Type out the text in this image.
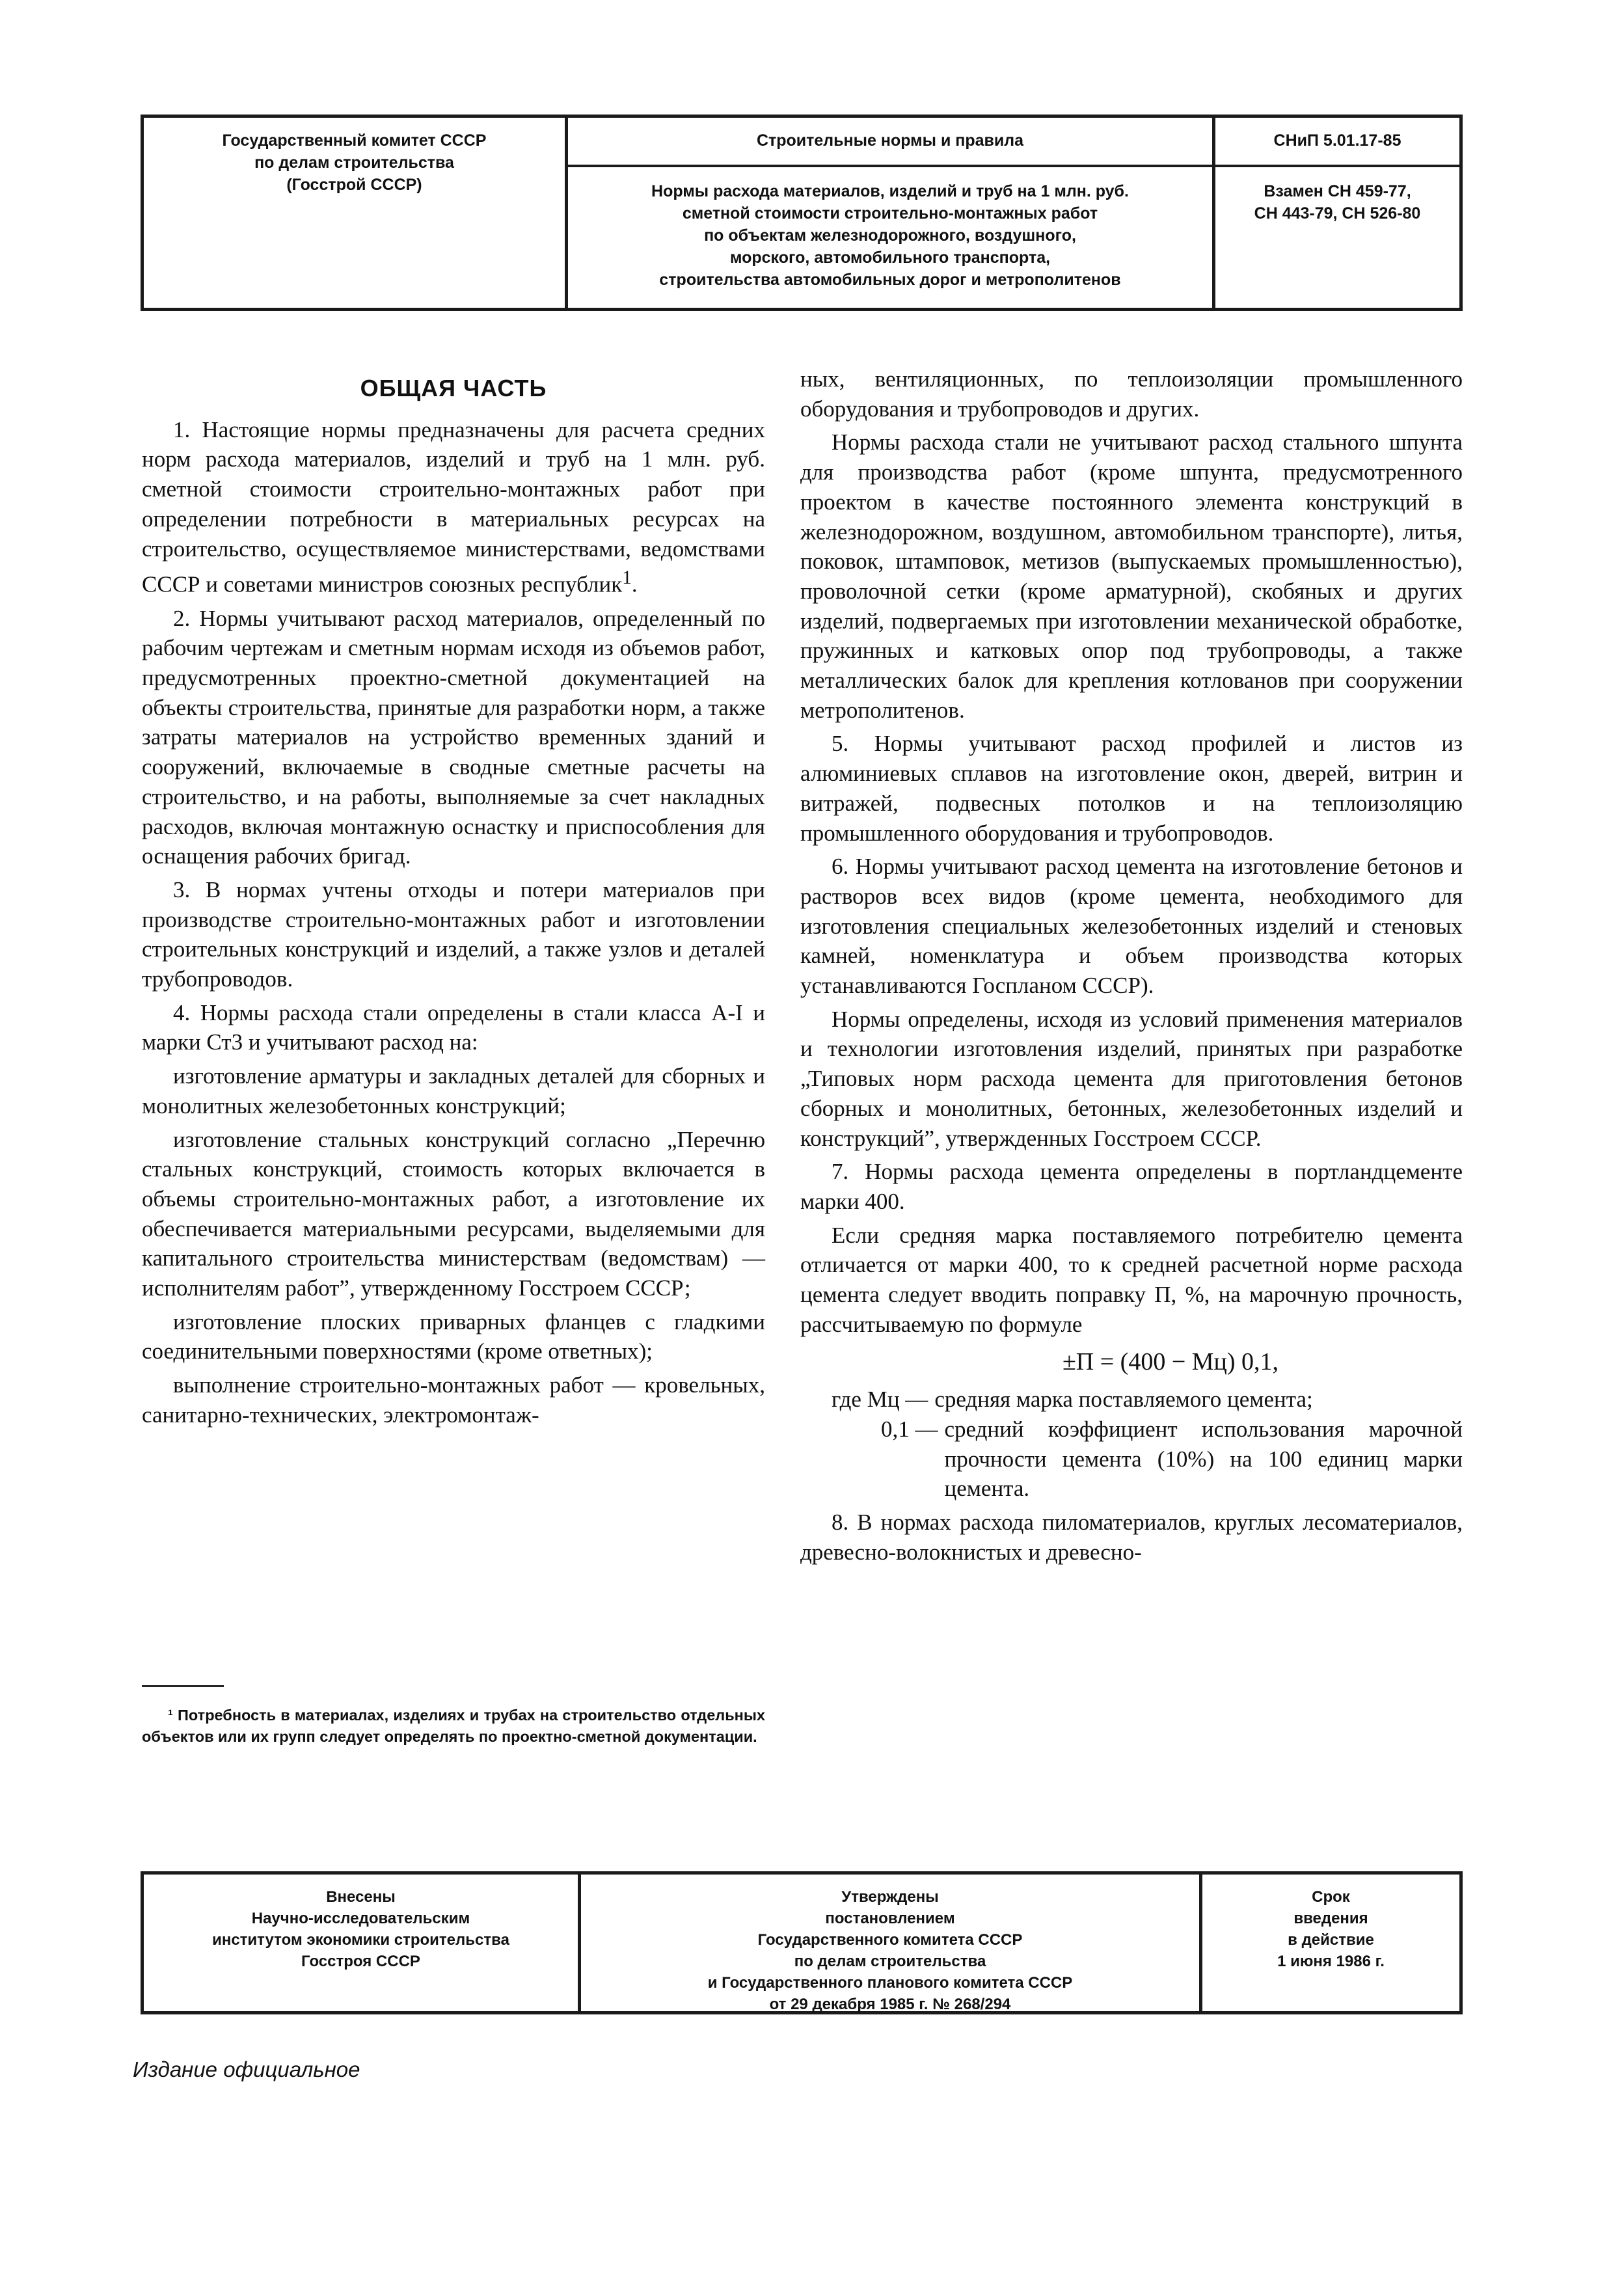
Государственный комитет СССР
по делам строительства
(Госстрой СССР)
Строительные нормы и правила
Нормы расхода материалов, изделий и труб на 1 млн. руб.
сметной стоимости строительно-монтажных работ
по объектам железнодорожного, воздушного,
морского, автомобильного транспорта,
строительства автомобильных дорог и метрополитенов
СНиП 5.01.17-85
Взамен СН 459-77,
СН 443-79, СН 526-80
ОБЩАЯ ЧАСТЬ

1. Настоящие нормы предназначены для расчета средних норм расхода материалов, изделий и труб на 1 млн. руб. сметной стоимости строительно-монтажных работ при определении потребности в материальных ресурсах на строительство, осуществляемое министерствами, ведомствами СССР и советами министров союзных республик$^1$.

2. Нормы учитывают расход материалов, определенный по рабочим чертежам и сметным нормам исходя из объемов работ, предусмотренных проектно-сметной документацией на объекты строительства, принятые для разработки норм, а также затраты материалов на устройство временных зданий и сооружений, включаемые в сводные сметные расчеты на строительство, и на работы, выполняемые за счет накладных расходов, включая монтажную оснастку и приспособления для оснащения рабочих бригад.

3. В нормах учтены отходы и потери материалов при производстве строительно-монтажных работ и изготовлении строительных конструкций и изделий, а также узлов и деталей трубопроводов.

4. Нормы расхода стали определены в стали класса A-I и марки Ст3 и учитывают расход на:

изготовление арматуры и закладных деталей для сборных и монолитных железобетонных конструкций;

изготовление стальных конструкций согласно „Перечню стальных конструкций, стоимость которых включается в объемы строительно-монтажных работ, а изготовление их обеспечивается материальными ресурсами, выделяемыми для капитального строительства министерствам (ведомствам) — исполнителям работ”, утвержденному Госстроем СССР;

изготовление плоских приварных фланцев с гладкими соединительными поверхностями (кроме ответных);

выполнение строительно-монтажных работ — кровельных, санитарно-технических, электромонтаж-

ных, вентиляционных, по теплоизоляции промышленного оборудования и трубопроводов и других.

Нормы расхода стали не учитывают расход стального шпунта для производства работ (кроме шпунта, предусмотренного проектом в качестве постоянного элемента конструкций в железнодорожном, воздушном, автомобильном транспорте), литья, поковок, штамповок, метизов (выпускаемых промышленностью), проволочной сетки (кроме арматурной), скобяных и других изделий, подвергаемых при изготовлении механической обработке, пружинных и катковых опор под трубопроводы, а также металлических балок для крепления котлованов при сооружении метрополитенов.

5. Нормы учитывают расход профилей и листов из алюминиевых сплавов на изготовление окон, дверей, витрин и витражей, подвесных потолков и на теплоизоляцию промышленного оборудования и трубопроводов.

6. Нормы учитывают расход цемента на изготовление бетонов и растворов всех видов (кроме цемента, необходимого для изготовления специальных железобетонных изделий и стеновых камней, номенклатура и объем производства которых устанавливаются Госпланом СССР).

Нормы определены, исходя из условий применения материалов и технологии изготовления изделий, принятых при разработке „Типовых норм расхода цемента для приготовления бетонов сборных и монолитных, бетонных, железобетонных изделий и конструкций”, утвержденных Госстроем СССР.

7. Нормы расхода цемента определены в портландцементе марки 400.

Если средняя марка поставляемого потребителю цемента отличается от марки 400, то к средней расчетной норме расхода цемента следует вводить поправку П, %, на марочную прочность, рассчитываемую по формуле

±П = (400 − Мц) 0,1,
где Мц — средняя марка поставляемого цемента;
0,1 — средний коэффициент использования марочной прочности цемента (10%) на 100 единиц марки цемента.

8. В нормах расхода пиломатериалов, круглых лесоматериалов, древесно-волокнистых и древесно-

¹ Потребность в материалах, изделиях и трубах на строительство отдельных объектов или их групп следует определять по проектно-сметной документации.
Внесены
Научно-исследовательским
институтом экономики строительства
Госстроя СССР
Утверждены
постановлением
Государственного комитета СССР
по делам строительства
и Государственного планового комитета СССР
от 29 декабря 1985 г. № 268/294
Срок
введения
в действие
1 июня 1986 г.
Издание официальное
